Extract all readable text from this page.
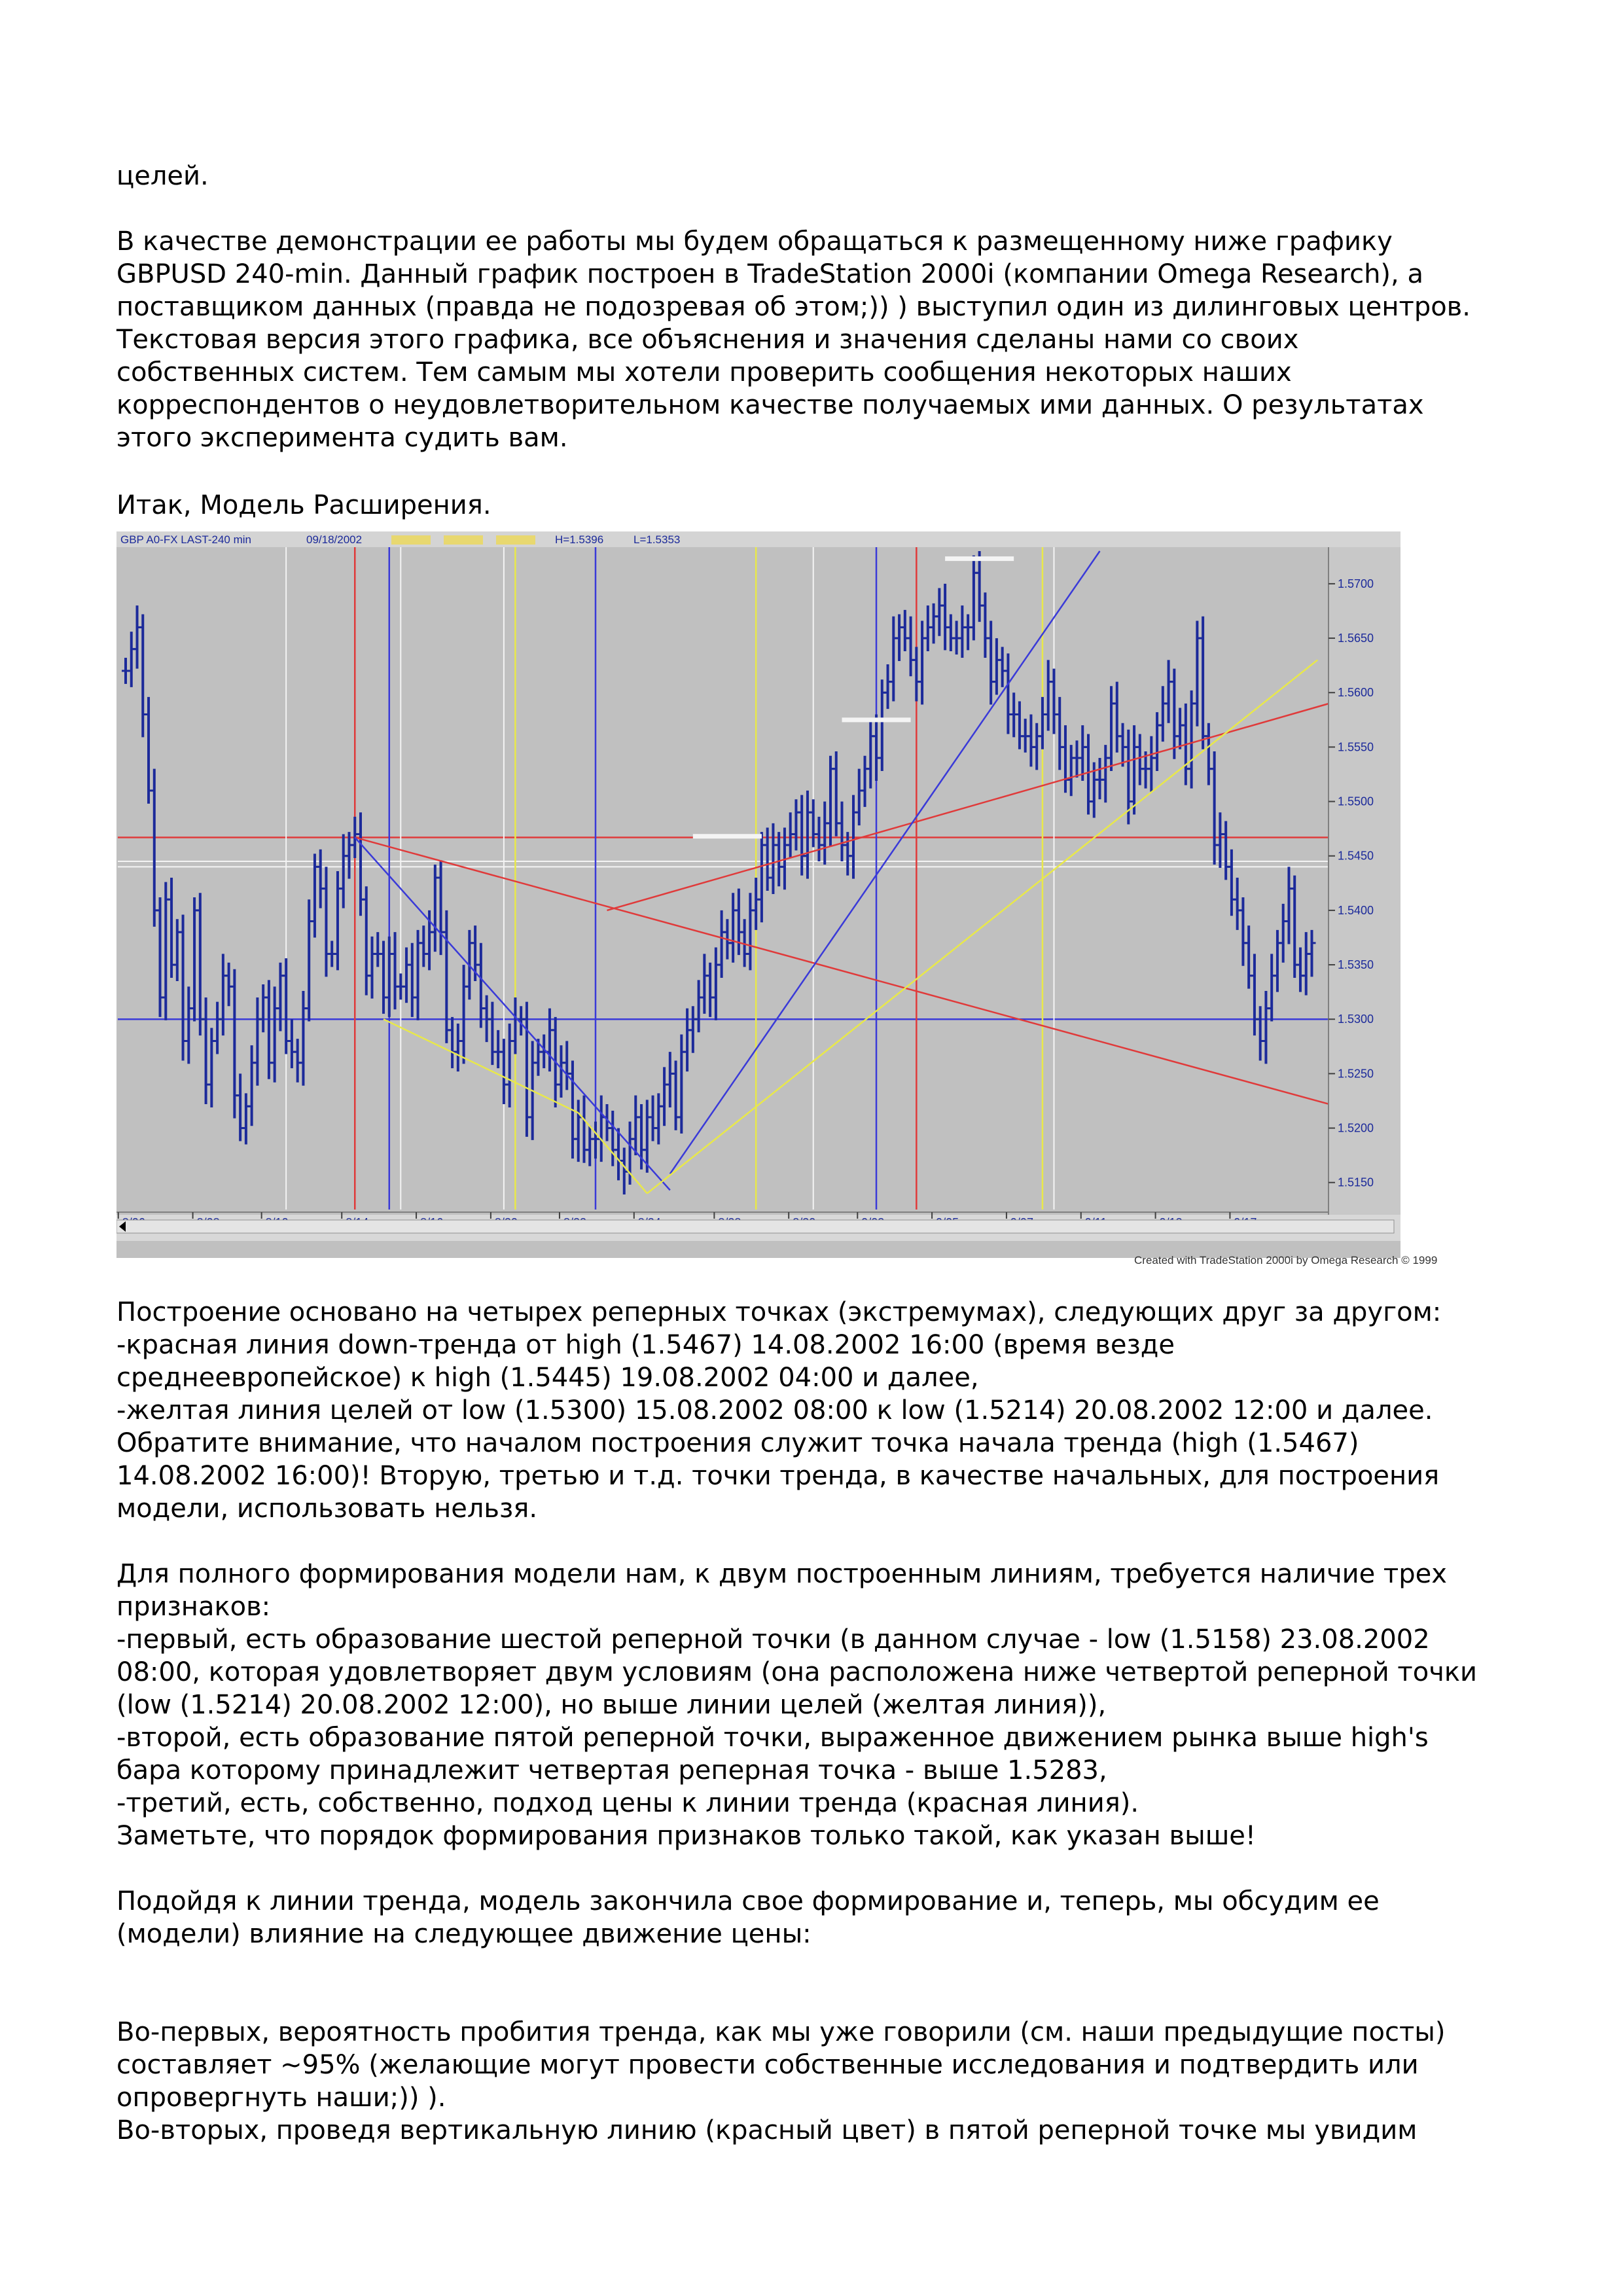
целей.

В качестве демонстрации ее работы мы будем обращаться к размещенному ниже графику
GBPUSD 240-min. Данный график построен в TradeStation 2000i (компании Omega Research), а
поставщиком данных (правда не подозревая об этом;)) ) выступил один из дилинговых центров.
Текстовая версия этого графика, все объяснения и значения сделаны нами со своих
собственных систем. Тем самым мы хотели проверить сообщения некоторых наших
корреспондентов о неудовлетворительном качестве получаемых ими данных. О результатах
этого эксперимента судить вам.

Итак, Модель Расширения.

GBP A0-FX LAST-240 min	09/18/2002	H=1.5396	L=1.5353
1.5700
1.5650
1.5600
1.5550
1.5500
1.5450
1.5400
1.5350
1.5300
1.5250
1.5200
1.5150
Created with TradeStation 2000i by Omega Research © 1999

Построение основано на четырех реперных точках (экстремумах), следующих друг за другом:
-красная линия down-тренда от high (1.5467) 14.08.2002 16:00 (время везде
среднеевропейское) к high (1.5445) 19.08.2002 04:00 и далее,
-желтая линия целей от low (1.5300) 15.08.2002 08:00 к low (1.5214) 20.08.2002 12:00 и далее.
Обратите внимание, что началом построения служит точка начала тренда (high (1.5467)
14.08.2002 16:00)! Вторую, третью и т.д. точки тренда, в качестве начальных, для построения
модели, использовать нельзя.

Для полного формирования модели нам, к двум построенным линиям, требуется наличие трех
признаков:
-первый, есть образование шестой реперной точки (в данном случае - low (1.5158) 23.08.2002
08:00, которая удовлетворяет двум условиям (она расположена ниже четвертой реперной точки
(low (1.5214) 20.08.2002 12:00), но выше линии целей (желтая линия)),
-второй, есть образование пятой реперной точки, выраженное движением рынка выше high's
бара которому принадлежит четвертая реперная точка - выше 1.5283,
-третий, есть, собственно, подход цены к линии тренда (красная линия).
Заметьте, что порядок формирования признаков только такой, как указан выше!

Подойдя к линии тренда, модель закончила свое формирование и, теперь, мы обсудим ее
(модели) влияние на следующее движение цены:

Во-первых, вероятность пробития тренда, как мы уже говорили (см. наши предыдущие посты)
составляет ~95% (желающие могут провести собственные исследования и подтвердить или
опровергнуть наши;)) ).
Во-вторых, проведя вертикальную линию (красный цвет) в пятой реперной точке мы увидим
